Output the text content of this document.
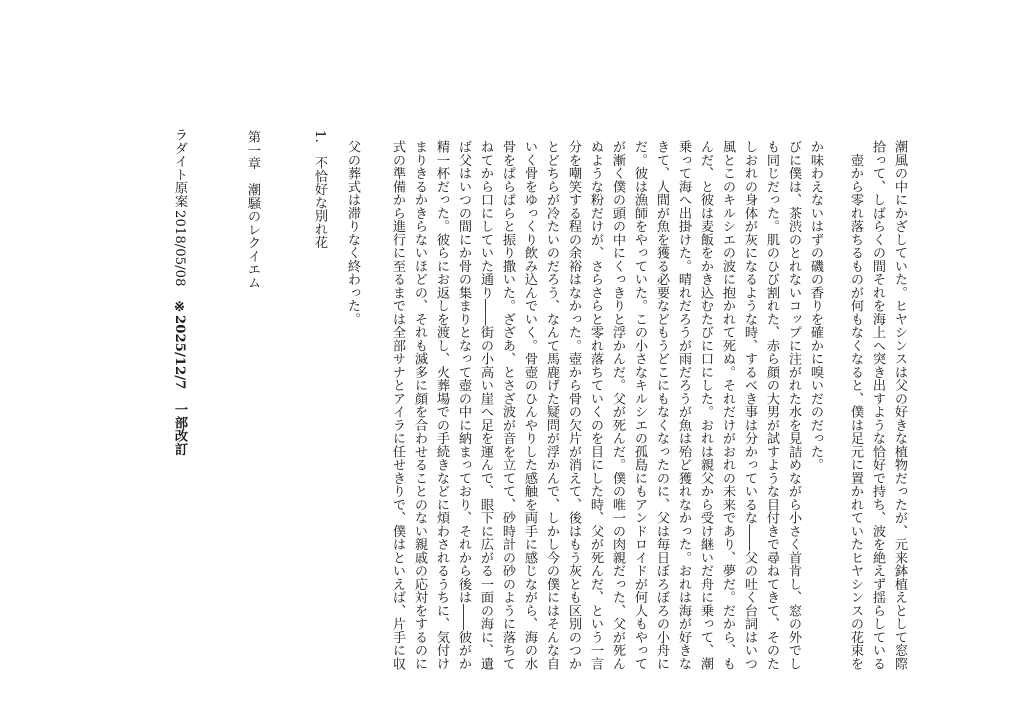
ラダイト原案
2018/05/08
※2025/12/7　一部改訂
第一章　潮騒のレクイエム	1.　不恰好な別れ花 父の葬式は滞りなく終わった。 式の準備から進行に至るまでは全部サナとアイラに任せきりで、僕はといえば、片手に収 まりきるかきらないほどの、それも滅多に顔を合わせることのない親戚の応対をするのに 精一杯だった。彼らにお返しを渡し、火葬場での手続きなどに煩わされるうちに、気付け ば父はいつの間にか骨の集まりとなって壺の中に納まっており、それから後は――彼がか ねてから口にしていた通り――街の小高い崖へ足を運んで、眼下に広がる一面の海に、遺 骨をぱらぱらと振り撒いた。ざざあ、とさざ波が音を立てて、砂時計の砂のように落ちて いく骨をゆっくり飲み込んでいく。骨壺のひんやりした感触を両手に感じながら、海の水 とどちらが冷たいのだろう、なんて馬鹿げた疑問が浮かんで、しかし今の僕にはそんな自 分を嘲笑する程の余裕はなかった。壺から骨の欠片が消えて、後はもう灰とも区別のつか ぬような粉だけが、さらさらと零れ落ちていくのを目にした時、父が死んだ、という一言 が漸く僕の頭の中にくっきりと浮かんだ。父が死んだ。僕の唯一の肉親だった、父が死ん だ。彼は漁師をやっていた。この小さなキルシエの孤島にもアンドロイドが何人もやって きて、人間が魚を獲る必要などもうどこにもなくなったのに、父は毎日ぼろぼろの小舟に 乗って海へ出掛けた。晴れだろうが雨だろうが魚は殆ど獲れなかった。おれは海が好きな んだ、と彼は麦飯をかき込むたびに口にした。おれは親父から受け継いだ舟に乗って、潮 風とこのキルシエの波に抱かれて死ぬ。それだけがおれの未来であり、夢だ。だから、も しおれの身体が灰になるような時、するべき事は分かっているな――父の吐く台詞はいつ も同じだった。肌のひび割れた、赤ら顔の大男が試すような目付きで尋ねてきて、そのた びに僕は、茶渋のとれないコップに注がれた水を見詰めながら小さく首肯し、窓の外でし か味わえないはずの磯の香りを確かに嗅いだのだった。 　壺から零れ落ちるものが何もなくなると、僕は足元に置かれていたヒヤシンスの花束を 拾って、しばらくの間それを海上へ突き出すような恰好で持ち、波を絶えず揺らしている 潮風の中にかざしていた。ヒヤシンスは父の好きな植物だったが、元来鉢植えとして窓際
